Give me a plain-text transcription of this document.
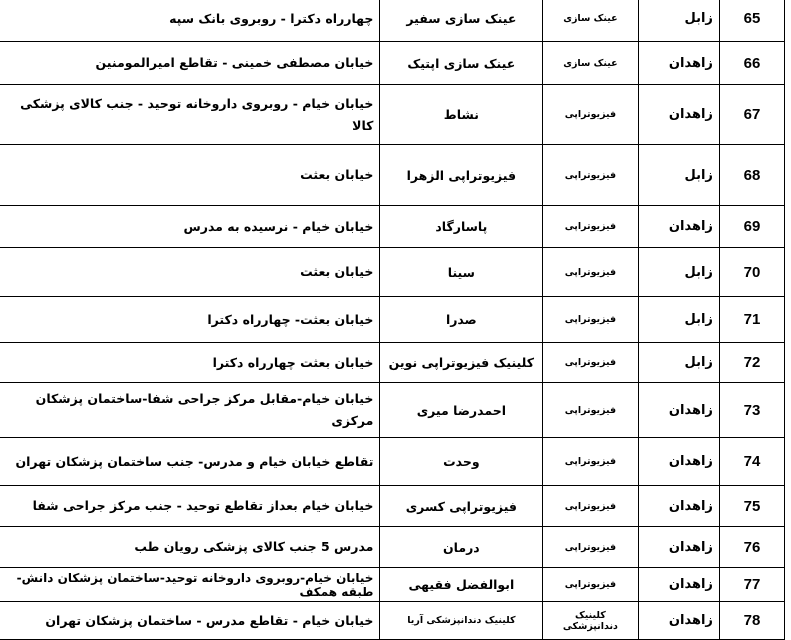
65	زابل	عینک سازی	عینک سازی سفیر	چهارراه دکترا - روبروی بانک سپه
66	زاهدان	عینک سازی	عینک سازی اپتیک	خیابان مصطفی خمینی - تقاطع امیرالمومنین
67	زاهدان	فیزیوتراپی	نشاط	خیابان خیام - روبروی داروخانه توحید - جنب کالای پزشکی کالا
68	زابل	فیزیوتراپی	فیزیوتراپی الزهرا	خیابان بعثت
69	زاهدان	فیزیوتراپی	پاسارگاد	خیابان خیام - نرسیده به مدرس
70	زابل	فیزیوتراپی	سینا	خیابان بعثت
71	زابل	فیزیوتراپی	صدرا	خیابان بعثت- چهارراه دکترا
72	زابل	فیزیوتراپی	کلینیک فیزیوتراپی نوین	خیابان بعثت چهارراه دکترا
73	زاهدان	فیزیوتراپی	احمدرضا میری	خیابان خیام-مقابل مرکز جراحی شفا-ساختمان پزشکان مرکزی
74	زاهدان	فیزیوتراپی	وحدت	تقاطع خیابان خیام و مدرس- جنب ساختمان پزشکان تهران
75	زاهدان	فیزیوتراپی	فیزیوتراپی کسری	خیابان خیام بعداز تقاطع توحید - جنب مرکز جراحی شفا
76	زاهدان	فیزیوتراپی	درمان	مدرس 5 جنب کالای پزشکی رویان طب
77	زاهدان	فیزیوتراپی	ابوالفضل فقیهی	خیابان خیام-روبروی داروخانه توحید-ساختمان پزشکان دانش-طبقه همکف
78	زاهدان	کلینیک دندانپزشکی	کلینیک دندانپزشکی آریا	خیابان خیام - تقاطع مدرس - ساختمان پزشکان تهران
